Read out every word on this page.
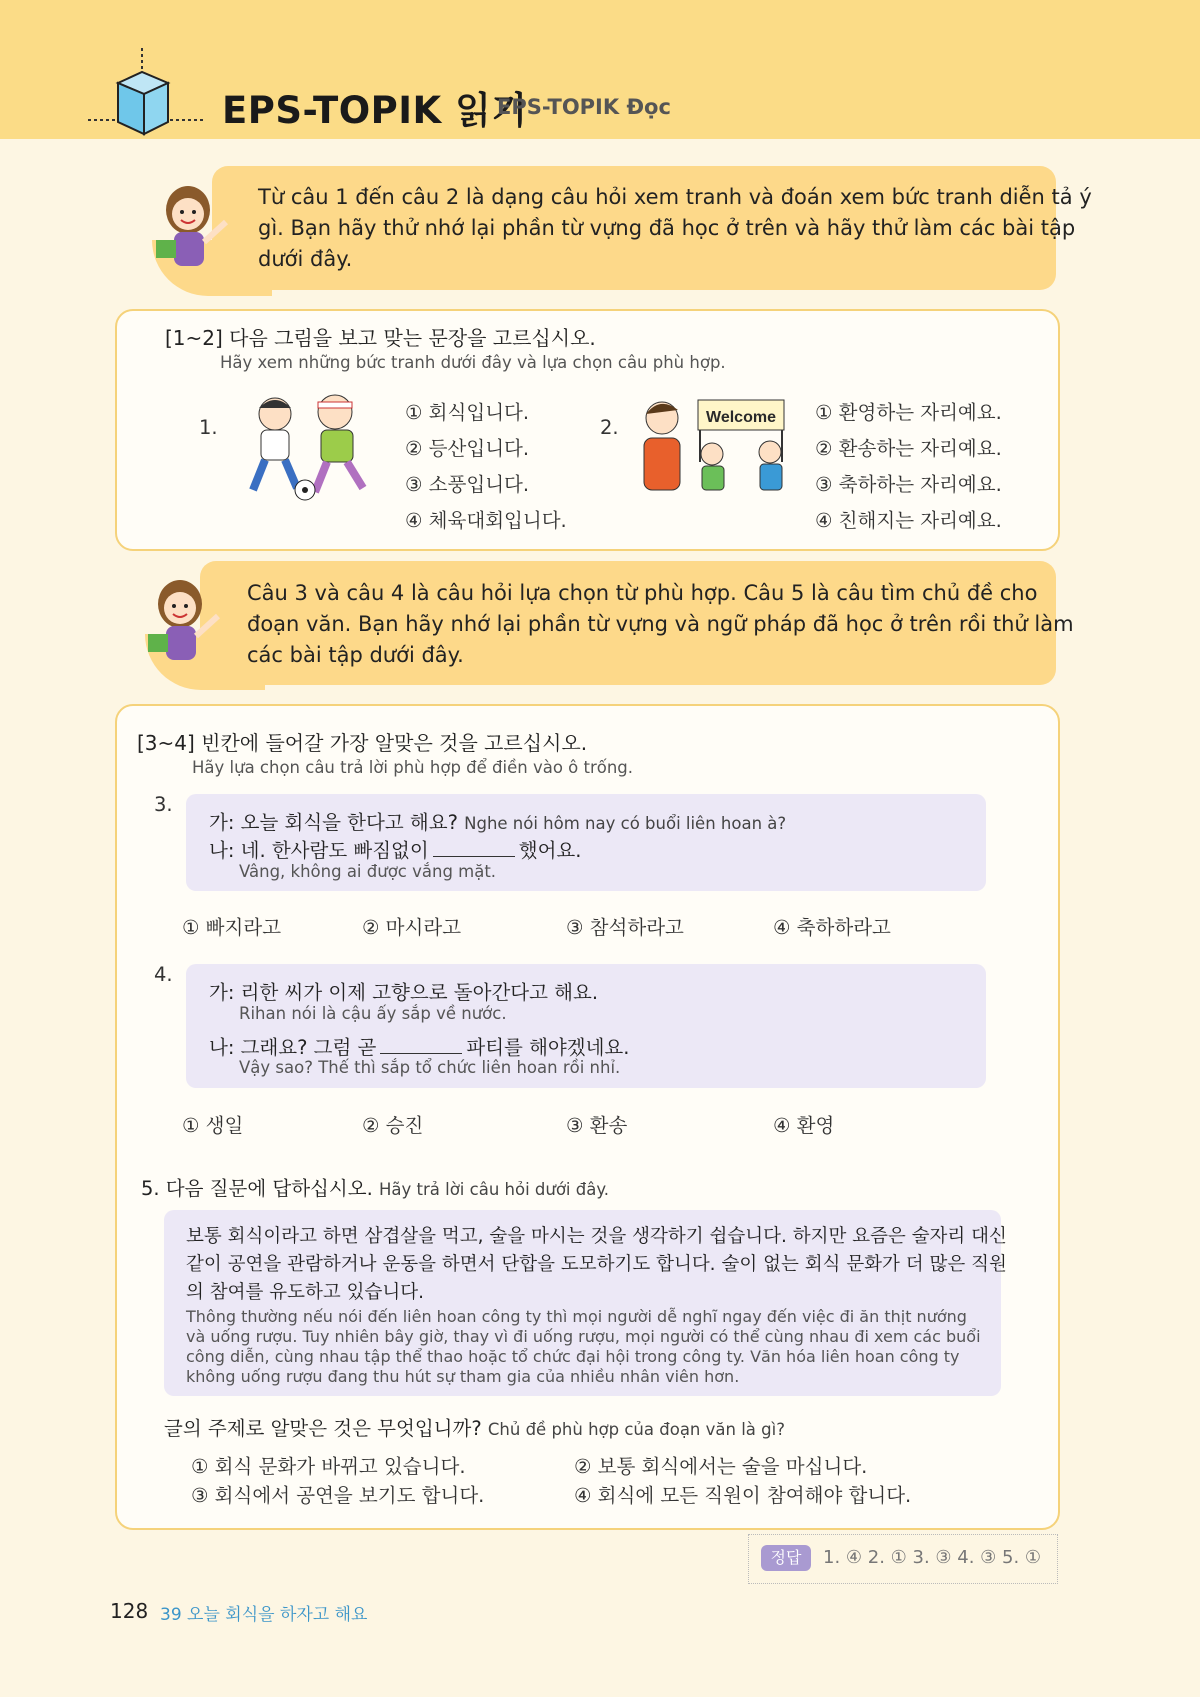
EPS-TOPIK 읽기
EPS-TOPIK Đọc
Từ câu 1 đến câu 2 là dạng câu hỏi xem tranh và đoán xem bức tranh diễn tả ý
gì. Bạn hãy thử nhớ lại phần từ vựng đã học ở trên và hãy thử làm các bài tập
dưới đây.
[1~2] 다음 그림을 보고 맞는 문장을 고르십시오.
Hãy xem những bức tranh dưới đây và lựa chọn câu phù hợp.
1.
① 회식입니다.
② 등산입니다.
③ 소풍입니다.
④ 체육대회입니다.
2.	Welcome ① 환영하는 자리예요.
② 환송하는 자리예요.
③ 축하하는 자리예요.
④ 친해지는 자리예요.
Câu 3 và câu 4 là câu hỏi lựa chọn từ phù hợp. Câu 5 là câu tìm chủ đề cho
đoạn văn. Bạn hãy nhớ lại phần từ vựng và ngữ pháp đã học ở trên rồi thử làm
các bài tập dưới đây.
[3~4] 빈칸에 들어갈 가장 알맞은 것을 고르십시오.
Hãy lựa chọn câu trả lời phù hợp để điền vào ô trống.
3.
가: 오늘 회식을 한다고 해요? Nghe nói hôm nay có buổi liên hoan à?
나: 네. 한사람도 빠짐없이	했어요.
Vâng, không ai được vắng mặt.
① 빠지라고	② 마시라고	③ 참석하라고	④ 축하하라고
4.
가: 리한 씨가 이제 고향으로 돌아간다고 해요.
Rihan nói là cậu ấy sắp về nước.
나: 그래요? 그럼 곧	파티를 해야겠네요.
Vậy sao? Thế thì sắp tổ chức liên hoan rồi nhỉ.
① 생일	② 승진	③ 환송	④ 환영
5. 다음 질문에 답하십시오. Hãy trả lời câu hỏi dưới đây.
보통 회식이라고 하면 삼겹살을 먹고, 술을 마시는 것을 생각하기 쉽습니다. 하지만 요즘은 술자리 대신
같이 공연을 관람하거나 운동을 하면서 단합을 도모하기도 합니다. 술이 없는 회식 문화가 더 많은 직원
의 참여를 유도하고 있습니다.
Thông thường nếu nói đến liên hoan công ty thì mọi người dễ nghĩ ngay đến việc đi ăn thịt nướng
và uống rượu. Tuy nhiên bây giờ, thay vì đi uống rượu, mọi người có thể cùng nhau đi xem các buổi
công diễn, cùng nhau tập thể thao hoặc tổ chức đại hội trong công ty. Văn hóa liên hoan công ty
không uống rượu đang thu hút sự tham gia của nhiều nhân viên hơn.
글의 주제로 알맞은 것은 무엇입니까? Chủ đề phù hợp của đoạn văn là gì?
① 회식 문화가 바뀌고 있습니다.	② 보통 회식에서는 술을 마십니다.
③ 회식에서 공연을 보기도 합니다.	④ 회식에 모든 직원이 참여해야 합니다.
정답	1. ④ 2. ① 3. ③ 4. ③ 5. ①
128 39 오늘 회식을 하자고 해요
